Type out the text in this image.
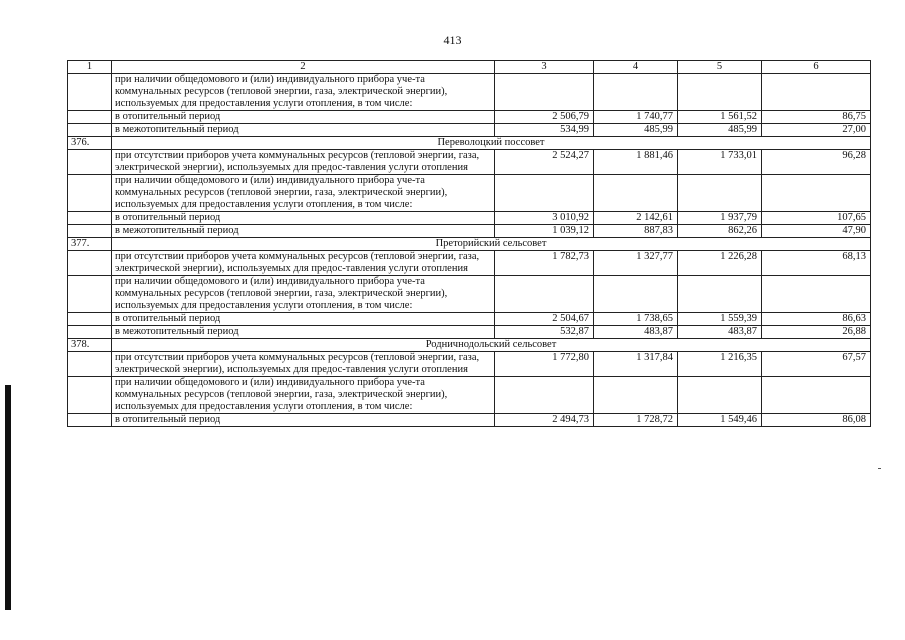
413
1	2	3	4	5	6
	при наличии общедомового и (или) индивидуального прибора уче-та коммунальных ресурсов (тепловой энергии, газа, электрической энергии), используемых для предоставления услуги отопления, в том числе:				
	в отопительный период	2 506,79	1 740,77	1 561,52	86,75
	в межотопительный период	534,99	485,99	485,99	27,00
376.	Переволоцкий поссовет				
	при отсутствии приборов учета коммунальных ресурсов (тепловой энергии, газа, электрической энергии), используемых для предос-тавления услуги отопления	2 524,27	1 881,46	1 733,01	96,28
	при наличии общедомового и (или) индивидуального прибора уче-та коммунальных ресурсов (тепловой энергии, газа, электрической энергии), используемых для предоставления услуги отопления, в том числе:				
	в отопительный период	3 010,92	2 142,61	1 937,79	107,65
	в межотопительный период	1 039,12	887,83	862,26	47,90
377.	Преторийский сельсовет				
	при отсутствии приборов учета коммунальных ресурсов (тепловой энергии, газа, электрической энергии), используемых для предос-тавления услуги отопления	1 782,73	1 327,77	1 226,28	68,13
	при наличии общедомового и (или) индивидуального прибора уче-та коммунальных ресурсов (тепловой энергии, газа, электрической энергии), используемых для предоставления услуги отопления, в том числе:				
	в отопительный период	2 504,67	1 738,65	1 559,39	86,63
	в межотопительный период	532,87	483,87	483,87	26,88
378.	Родничнодольский сельсовет				
	при отсутствии приборов учета коммунальных ресурсов (тепловой энергии, газа, электрической энергии), используемых для предос-тавления услуги отопления	1 772,80	1 317,84	1 216,35	67,57
	при наличии общедомового и (или) индивидуального прибора уче-та коммунальных ресурсов (тепловой энергии, газа, электрической энергии), используемых для предоставления услуги отопления, в том числе:				
	в отопительный период	2 494,73	1 728,72	1 549,46	86,08
